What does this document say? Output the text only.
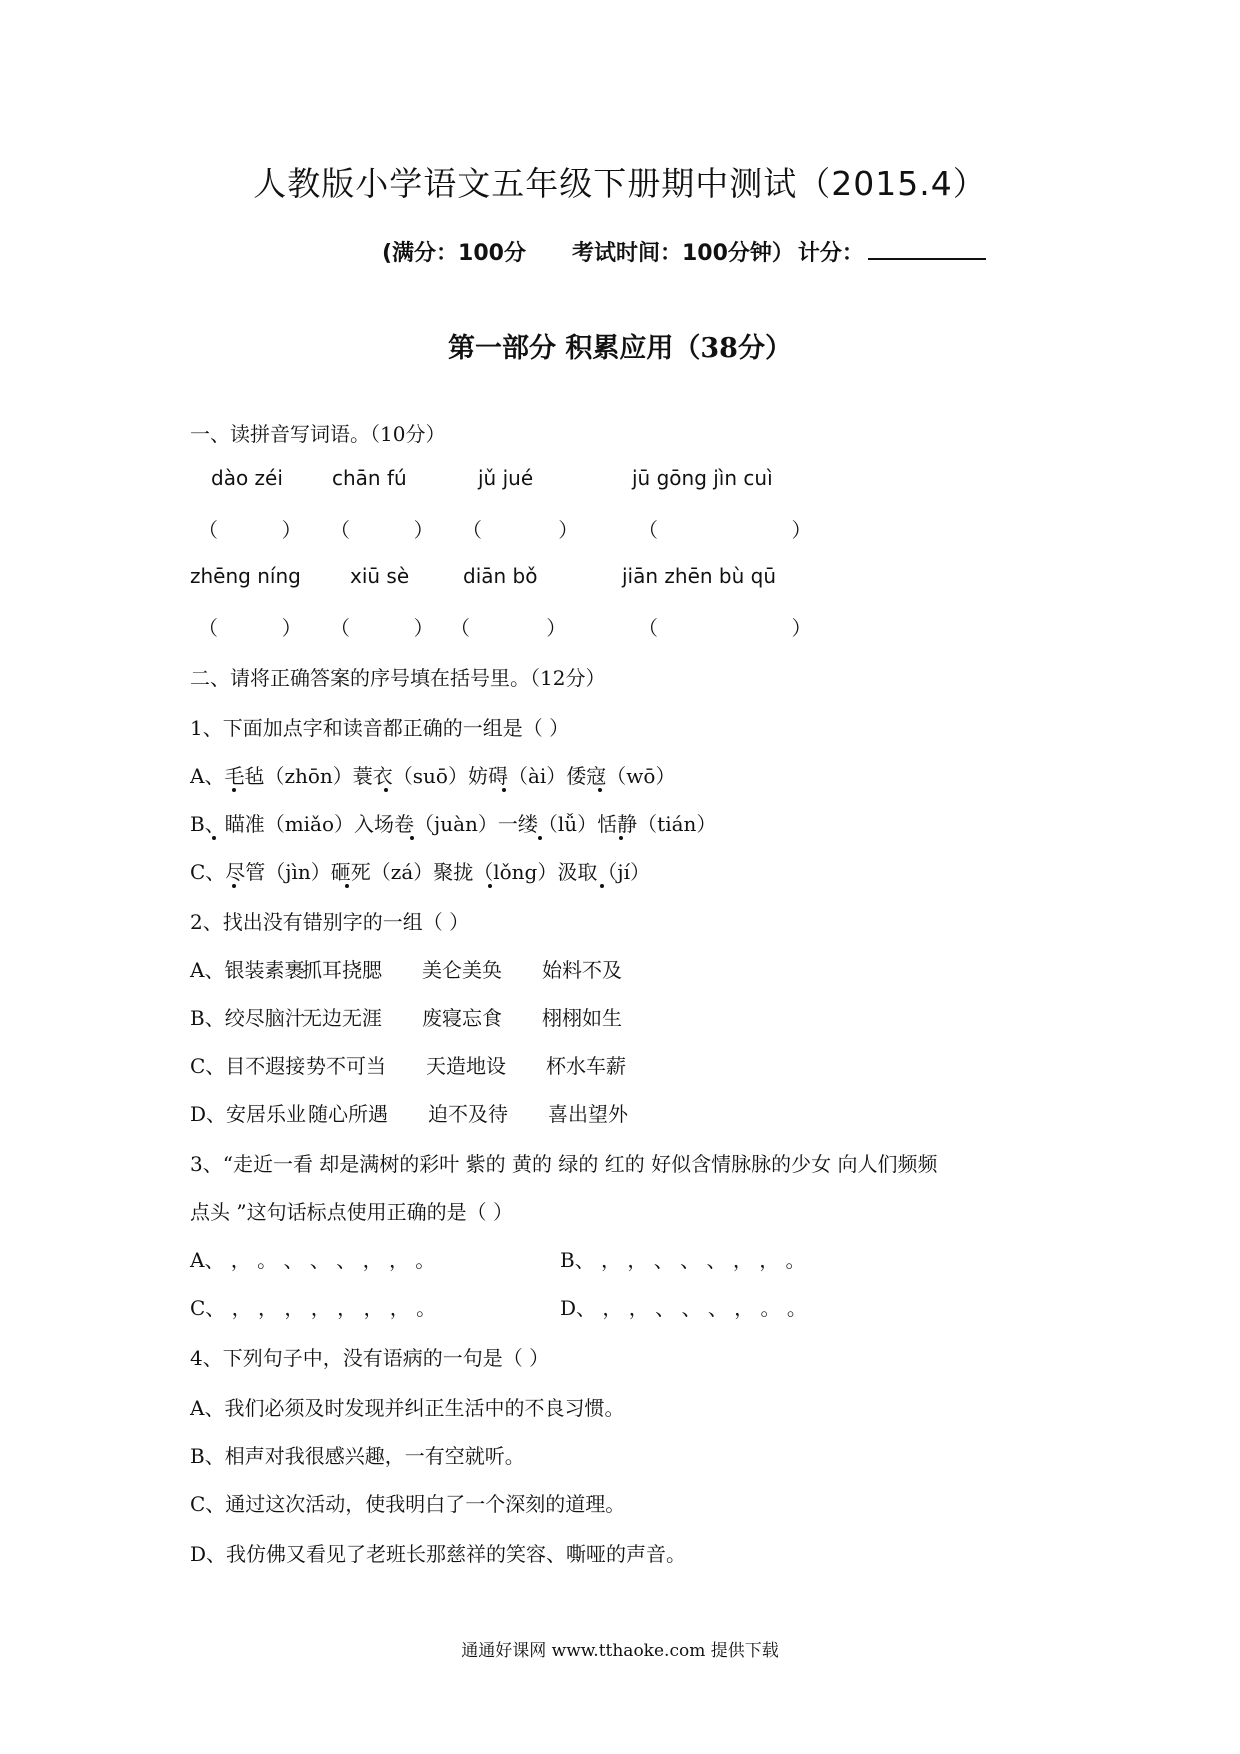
人教版小学语文五年级下册期中测试（2015.4）
(满分：100分 考试时间：100分钟） 计分：
第一部分 积累应用（38分）
一、读拼音写词语。（10分）
dào zéi chān fú	jǔ jué	jū gōng jìn cuì
（          ） （          ） （            ）	（                     ）
zhēng níng xiū sè	diān bǒ	jiān zhēn bù qū
（          ） （          ） （            ）	（                     ）
二、请将正确答案的序号填在括号里。（12分）
1、下面加点字和读音都正确的一组是（ ）
A、毛毡（zhōn）蓑衣（suō）妨碍（ài）倭寇（wō）
B、瞄准（miǎo）入场卷（juàn）一缕（lǚ）恬静（tián）
C、尽管（jìn）砸死（zá）聚拢（lǒng）汲取（jí）
2、找出没有错别字的一组（ ）
A、银装素裹抓耳挠腮 美仑美奂 始料不及
B、绞尽脑汁无边无涯 废寝忘食 栩栩如生
C、目不遐接势不可当 天造地设 杯水车薪
D、安居乐业随心所遇 迫不及待 喜出望外
3、“走近一看 却是满树的彩叶 紫的 黄的 绿的 红的 好似含情脉脉的少女 向人们频频
点头 ”这句话标点使用正确的是（ ）
A、 ， 。 、 、 、 ， ， 。	B、 ， ， 、 、 、 ， ， 。
C、 ， ， ， ， ， ， ， 。	D、 ， ， 、 、 、 ， 。 。
4、下列句子中，没有语病的一句是（ ）
A、我们必须及时发现并纠正生活中的不良习惯。
B、相声对我很感兴趣，一有空就听。
C、通过这次活动，使我明白了一个深刻的道理。
D、我仿佛又看见了老班长那慈祥的笑容、嘶哑的声音。
通通好课网 www.tthaoke.com 提供下载
